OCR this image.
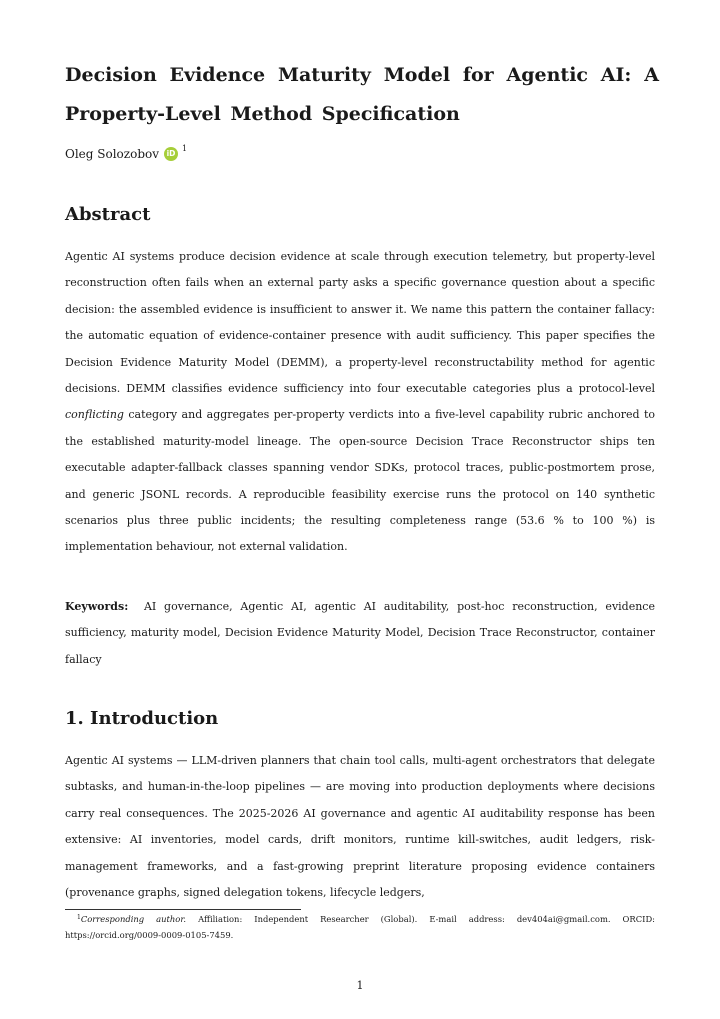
Decision Evidence Maturity Model for Agentic AI: A Property-Level Method Specification
Oleg Solozobov	iD
1
Abstract

Agentic AI systems produce decision evidence at scale through execution telemetry, but property-level reconstruction often fails when an external party asks a specific governance question about a specific decision: the assembled evidence is insufficient to answer it. We name this pattern the container fallacy: the automatic equation of evidence-container presence with audit sufficiency. This paper specifies the Decision Evidence Maturity Model (DEMM), a property-level reconstructability method for agentic decisions. DEMM classifies evidence sufficiency into four executable categories plus a protocol-level conflicting category and aggregates per-property verdicts into a five-level capability rubric anchored to the established maturity-model lineage. The open-source Decision Trace Reconstructor ships ten executable adapter-fallback classes spanning vendor SDKs, protocol traces, public-postmortem prose, and generic JSONL records. A reproducible feasibility exercise runs the protocol on 140 synthetic scenarios plus three public incidents; the resulting completeness range (53.6 % to 100 %) is implementation behaviour, not external validation.

Keywords: AI governance, Agentic AI, agentic AI auditability, post-hoc reconstruction, evidence sufficiency, maturity model, Decision Evidence Maturity Model, Decision Trace Reconstructor, container fallacy

1. Introduction

Agentic AI systems — LLM-driven planners that chain tool calls, multi-agent orchestrators that delegate subtasks, and human-in-the-loop pipelines — are moving into production deployments where decisions carry real consequences. The 2025-2026 AI governance and agentic AI auditability response has been extensive: AI inventories, model cards, drift monitors, runtime kill-switches, audit ledgers, risk-management frameworks, and a fast-growing preprint literature proposing evidence containers (provenance graphs, signed delegation tokens, lifecycle ledgers,

$^1$Corresponding author. Affiliation: Independent Researcher (Global). E-mail address: dev404ai@gmail.com. ORCID: https://orcid.org/0009-0009-0105-7459.

1
